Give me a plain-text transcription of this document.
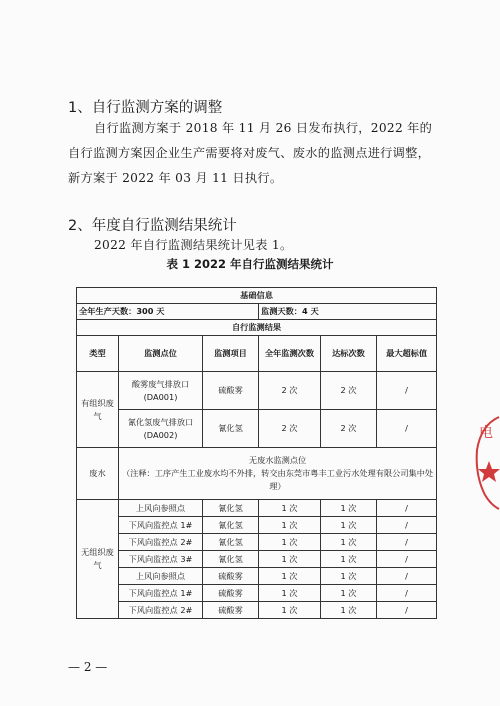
1、自行监测方案的调整
自行监测方案于 2018 年 11 月 26 日发布执行，2022 年的自行监测方案因企业生产需要将对废气、废水的监测点进行调整，新方案于 2022 年 03 月 11 日执行。
2、年度自行监测结果统计
2022 年自行监测结果统计见表 1。
表 1 2022 年自行监测结果统计
基础信息					
全年生产天数：300 天			监测天数：4 天		
自行监测结果					
类型	监测点位	监测项目	全年监测次数	达标次数	最大超标值
有组织废气	酸雾废气排放口(DA001)	硫酸雾	2 次	2 次	/
	氰化氢废气排放口(DA002)	氰化氢	2 次	2 次	/
废水	无废水监测点位
（注释：工序产生工业废水均不外排，转交由东莞市粤丰工业污水处理有限公司集中处理）				

无组织废气	上风向参照点	氰化氢	1 次	1 次	/
	下风向监控点 1#	氰化氢	1 次	1 次	/
	下风向监控点 2#	氰化氢	1 次	1 次	/
	下风向监控点 3#	氰化氢	1 次	1 次	/
	上风向参照点	硫酸雾	1 次	1 次	/
	下风向监控点 1#	硫酸雾	1 次	1 次	/
	下风向监控点 2#	硫酸雾	1 次	1 次	/
— 2 —
电
